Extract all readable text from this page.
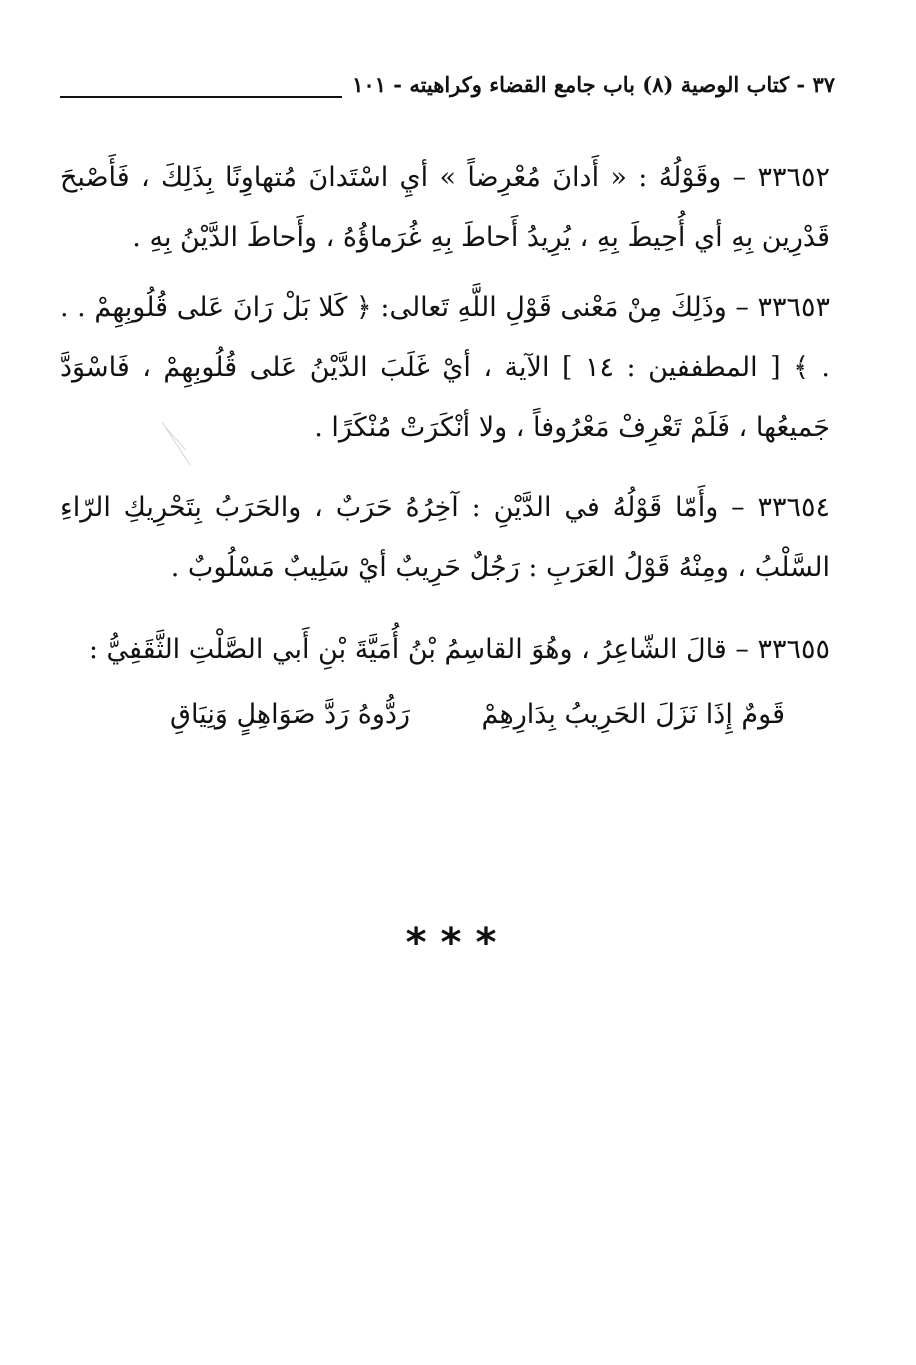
٣٧ - كتاب الوصية (٨) باب جامع القضاء وكراهيته - ١٠١
٣٣٦٥٢ – وقَوْلُهُ : « أَدانَ مُعْرِضاً » أيِ اسْتَدانَ مُتهاوِنًا بِذَلِكَ ، فَأَصْبحَ قَدْرِين بِهِ أي أُحِيطَ بِهِ ، يُرِيدُ أَحاطَ بِهِ غُرَماؤُهُ ، وأَحاطَ الدَّيْنُ بِهِ .
٣٣٦٥٣ – وذَلِكَ مِنْ مَعْنى قَوْلِ اللَّهِ تَعالى: ﴿ كَلا بَلْ رَانَ عَلى قُلُوبِهِمْ . . . ﴾ [ المطففين : ١٤ ] الآية ، أيْ غَلَبَ الدَّيْنُ عَلى قُلُوبِهِمْ ، فَاسْوَدَّ جَميعُها ، فَلَمْ تَعْرِفْ مَعْرُوفاً ، ولا أنْكَرَتْ مُنْكَرًا .
٣٣٦٥٤ – وأَمّا قَوْلُهُ في الدَّيْنِ : آخِرُهُ حَرَبٌ ، والحَرَبُ بِتَحْرِيكِ الرّاءِ السَّلْبُ ، ومِنْهُ قَوْلُ العَرَبِ : رَجُلٌ حَرِيبٌ أيْ سَلِيبٌ مَسْلُوبٌ .
٣٣٦٥٥ – قالَ الشّاعِرُ ، وهُوَ القاسِمُ بْنُ أُمَيَّةَ بْنِ أَبي الصَّلْتِ الثَّقَفِيُّ :
قَومٌ إِذَا نَزَلَ الحَرِيبُ بِدَارِهِمْ
رَدُّوهُ رَدَّ صَوَاهِلٍ وَنِيَاقِ
***
